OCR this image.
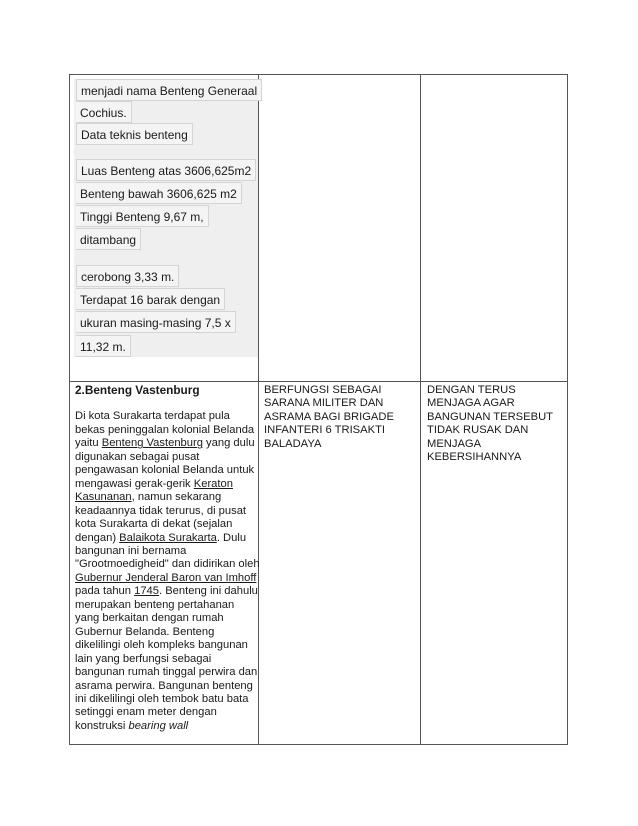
menjadi nama Benteng Generaal
Cochius.
Data teknis benteng
Luas Benteng atas 3606,625m2
Benteng bawah 3606,625 m2
Tinggi Benteng 9,67 m,
ditambang
cerobong 3,33 m.
Terdapat 16 barak dengan
ukuran masing-masing 7,5 x
11,32 m.
2.Benteng Vastenburg
Di kota Surakarta terdapat pula bekas peninggalan kolonial Belanda yaitu Benteng Vastenburg yang dulu digunakan sebagai pusat pengawasan kolonial Belanda untuk mengawasi gerak-gerik Keraton Kasunanan, namun sekarang keadaannya tidak terurus, di pusat kota Surakarta di dekat (sejalan dengan) Balaikota Surakarta. Dulu bangunan ini bernama "Grootmoedigheid" dan didirikan oleh Gubernur Jenderal Baron van Imhoff pada tahun 1745. Benteng ini dahulu merupakan benteng pertahanan yang berkaitan dengan rumah Gubernur Belanda. Benteng dikelilingi oleh kompleks bangunan lain yang berfungsi sebagai bangunan rumah tinggal perwira dan asrama perwira. Bangunan benteng ini dikelilingi oleh tembok batu bata setinggi enam meter dengan konstruksi bearing wall
BERFUNGSI SEBAGAI SARANA MILITER DAN ASRAMA BAGI BRIGADE INFANTERI 6 TRISAKTI BALADAYA
DENGAN TERUS MENJAGA AGAR BANGUNAN TERSEBUT TIDAK RUSAK DAN MENJAGA KEBERSIHANNYA
